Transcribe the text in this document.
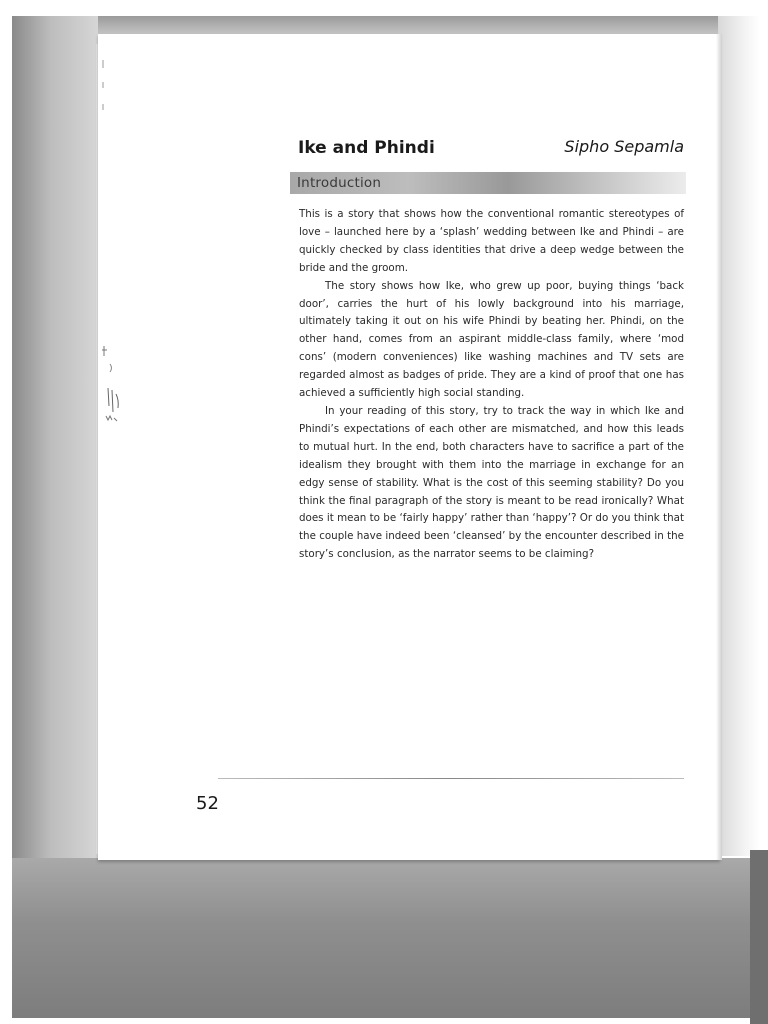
Ike and Phindi	Sipho Sepamla
Introduction

This is a story that shows how the conventional romantic stereotypes of love – launched here by a ‘splash’ wedding between Ike and Phindi – are quickly checked by class identities that drive a deep wedge between the bride and the groom.

The story shows how Ike, who grew up poor, buying things ‘back door’, carries the hurt of his lowly background into his marriage, ultimately taking it out on his wife Phindi by beating her. Phindi, on the other hand, comes from an aspirant middle-class family, where ‘mod cons’ (modern conveniences) like washing machines and TV sets are regarded almost as badges of pride. They are a kind of proof that one has achieved a sufficiently high social standing.

In your reading of this story, try to track the way in which Ike and Phindi’s expectations of each other are mismatched, and how this leads to mutual hurt. In the end, both characters have to sacrifice a part of the idealism they brought with them into the marriage in exchange for an edgy sense of stability. What is the cost of this seeming stability? Do you think the final paragraph of the story is meant to be read ironically? What does it mean to be ‘fairly happy’ rather than ‘happy’? Or do you think that the couple have indeed been ‘cleansed’ by the encounter described in the story’s conclusion, as the narrator seems to be claiming?

52
